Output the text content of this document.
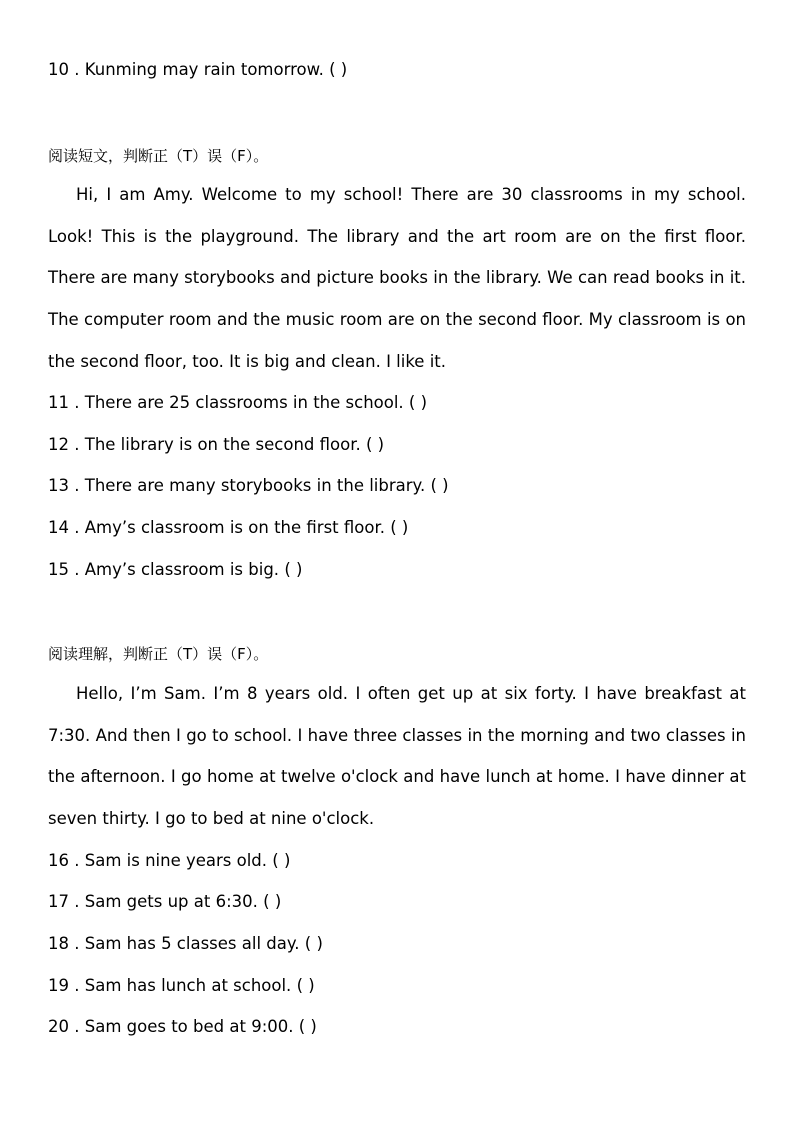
10 . Kunming may rain tomorrow. ( )
阅读短文，判断正（T）误（F）。
Hi, I am Amy. Welcome to my school! There are 30 classrooms in my school. Look! This is the playground. The library and the art room are on the first floor. There are many storybooks and picture books in the library. We can read books in it. The computer room and the music room are on the second floor. My classroom is on the second floor, too. It is big and clean. I like it.
11 . There are 25 classrooms in the school. ( )
12 . The library is on the second floor. ( )
13 . There are many storybooks in the library. ( )
14 . Amy’s classroom is on the first floor. ( )
15 . Amy’s classroom is big. ( )
阅读理解，判断正（T）误（F）。
Hello, I’m Sam. I’m 8 years old. I often get up at six forty. I have breakfast at 7:30. And then I go to school. I have three classes in the morning and two classes in the afternoon. I go home at twelve o'clock and have lunch at home. I have dinner at seven thirty. I go to bed at nine o'clock.
16 . Sam is nine years old. ( )
17 . Sam gets up at 6:30. ( )
18 . Sam has 5 classes all day. ( )
19 . Sam has lunch at school. ( )
20 . Sam goes to bed at 9:00. ( )
